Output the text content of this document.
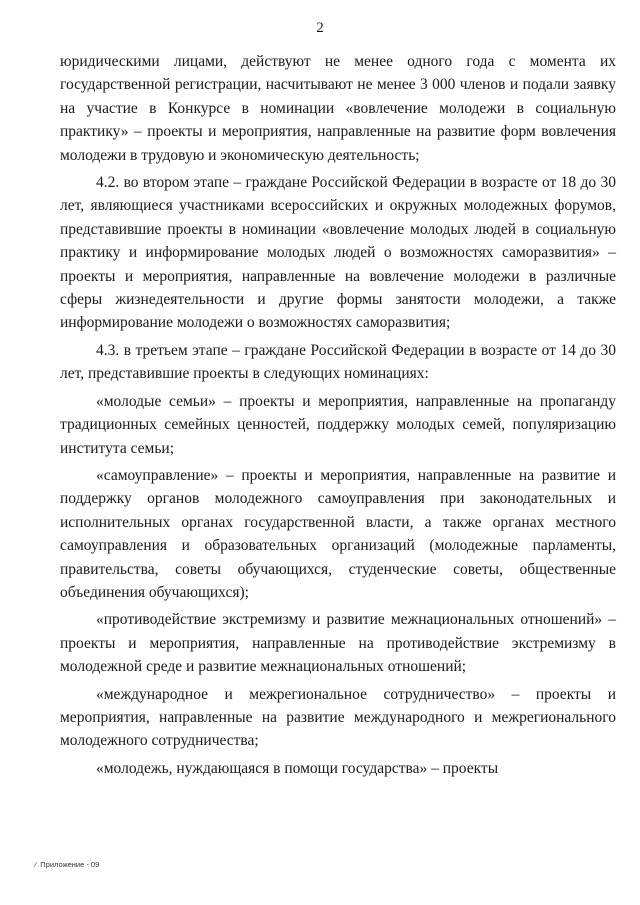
2

юридическими лицами, действуют не менее одного года с момента их государственной регистрации, насчитывают не менее 3 000 членов и подали заявку на участие в Конкурсе в номинации «вовлечение молодежи в социальную практику» – проекты и мероприятия, направленные на развитие форм вовлечения молодежи в трудовую и экономическую деятельность;

4.2. во втором этапе – граждане Российской Федерации в возрасте от 18 до 30 лет, являющиеся участниками всероссийских и окружных молодежных форумов, представившие проекты в номинации «вовлечение молодых людей в социальную практику и информирование молодых людей о возможностях саморазвития» – проекты и мероприятия, направленные на вовлечение молодежи в различные сферы жизнедеятельности и другие формы занятости молодежи, а также информирование молодежи о возможностях саморазвития;

4.3. в третьем этапе – граждане Российской Федерации в возрасте от 14 до 30 лет, представившие проекты в следующих номинациях:

«молодые семьи» – проекты и мероприятия, направленные на пропаганду традиционных семейных ценностей, поддержку молодых семей, популяризацию института семьи;

«самоуправление» – проекты и мероприятия, направленные на развитие и поддержку органов молодежного самоуправления при законодательных и исполнительных органах государственной власти, а также органах местного самоуправления и образовательных организаций (молодежные парламенты, правительства, советы обучающихся, студенческие советы, общественные объединения обучающихся);

«противодействие экстремизму и развитие межнациональных отношений» – проекты и мероприятия, направленные на противодействие экстремизму в молодежной среде и развитие межнациональных отношений;

«международное и межрегиональное сотрудничество» – проекты и мероприятия, направленные на развитие международного и межрегионального молодежного сотрудничества;

«молодежь, нуждающаяся в помощи государства» – проекты

⁄ Приложение - 09
